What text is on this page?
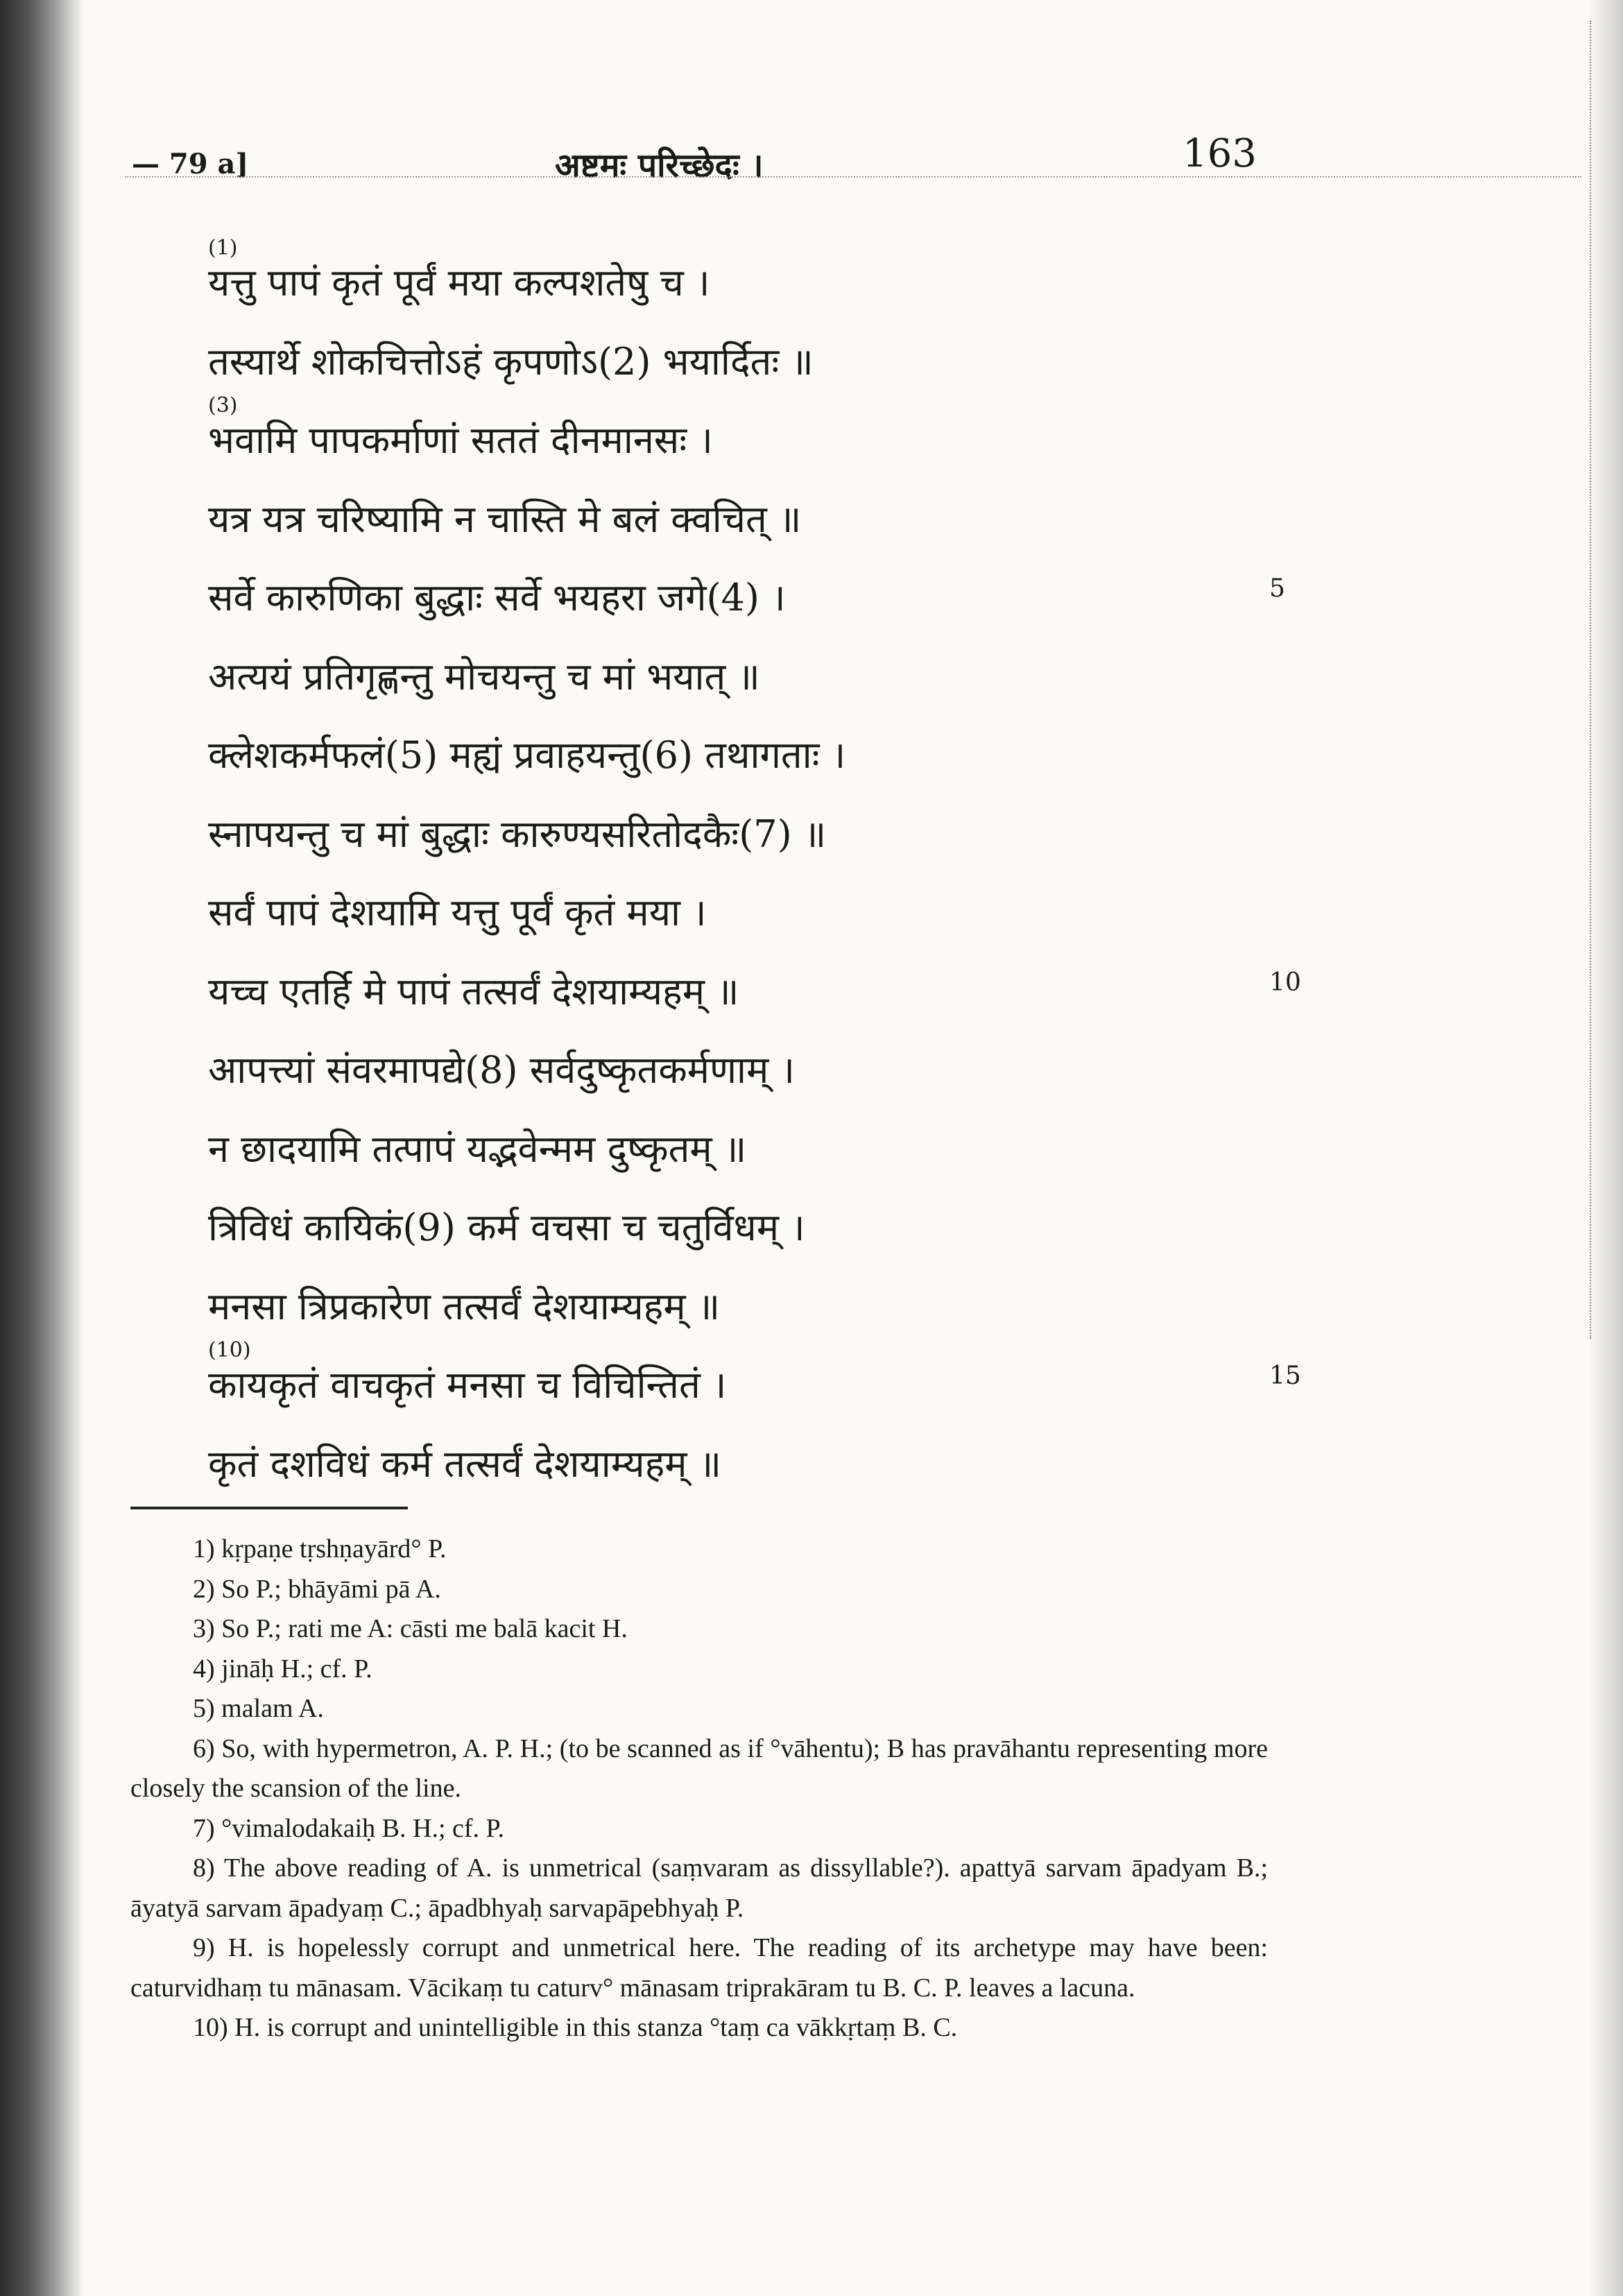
— 79 a]	अष्टमः परिच्छेदः ।	163
(1)
यत्तु पापं कृतं पूर्वं मया कल्पशतेषु च ।
तस्यार्थे शोकचित्तोऽहं कृपणोऽ(2) भयार्दितः ॥
(3)
भवामि पापकर्माणां सततं दीनमानसः ।
यत्र यत्र चरिष्यामि न चास्ति मे बलं क्वचित् ॥
सर्वे कारुणिका बुद्धाः सर्वे भयहरा जगे(4) ।	5
अत्ययं प्रतिगृह्णन्तु मोचयन्तु च मां भयात् ॥
क्लेशकर्मफलं(5) मह्यं प्रवाहयन्तु(6) तथागताः ।
स्नापयन्तु च मां बुद्धाः कारुण्यसरितोदकैः(7) ॥
सर्वं पापं देशयामि यत्तु पूर्वं कृतं मया ।
यच्च एतर्हि मे पापं तत्सर्वं देशयाम्यहम् ॥	10
आपत्त्यां संवरमापद्ये(8) सर्वदुष्कृतकर्मणाम् ।
न छादयामि तत्पापं यद्भवेन्मम दुष्कृतम् ॥
त्रिविधं कायिकं(9) कर्म वचसा च चतुर्विधम् ।
मनसा त्रिप्रकारेण तत्सर्वं देशयाम्यहम् ॥
(10)
कायकृतं वाचकृतं मनसा च विचिन्तितं ।	15
कृतं दशविधं कर्म तत्सर्वं देशयाम्यहम् ॥

1) kṛpaṇe tṛshṇayārd° P.

2) So P.; bhāyāmi pā A.

3) So P.; rati me A: cāsti me balā kacit H.

4) jināḥ H.; cf. P.

5) malam A.

6) So, with hypermetron, A. P. H.; (to be scanned as if °vāhentu); B has pravāhantu representing more closely the scansion of the line.

7) °vimalodakaiḥ B. H.; cf. P.

8) The above reading of A. is unmetrical (saṃvaram as dissyllable?). apattyā sarvam āpadyam B.; āyatyā sarvam āpadyaṃ C.; āpadbhyaḥ sarvapāpebhyaḥ P.

9) H. is hopelessly corrupt and unmetrical here. The reading of its archetype may have been: caturvidhaṃ tu mānasam. Vācikaṃ tu caturv° mānasam triprakāram tu B. C. P. leaves a lacuna.

10) H. is corrupt and unintelligible in this stanza °taṃ ca vākkṛtaṃ B. C.
